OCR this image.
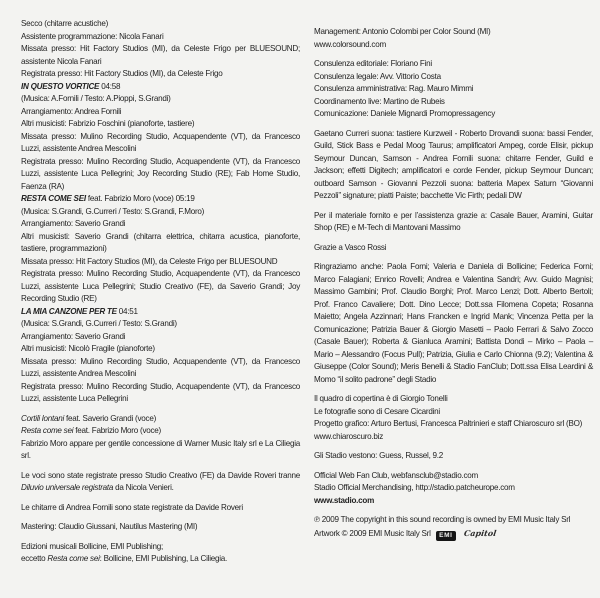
Secco (chitarre acustiche)
Assistente programmazione: Nicola Fanari
Missata presso: Hit Factory Studios (MI), da Celeste Frigo per BLUESOUND; assistente Nicola Fanari
Registrata presso: Hit Factory Studios (MI), da Celeste Frigo
IN QUESTO VORTICE 04:58
(Musica: A.Fornili / Testo: A.Pioppi, S.Grandi)
Arrangiamento: Andrea Fornili
Altri musicisti: Fabrizio Foschini (pianoforte, tastiere)
Missata presso: Mulino Recording Studio, Acquapendente (VT), da Francesco Luzzi, assistente Andrea Mescolini
Registrata presso: Mulino Recording Studio, Acquapendente (VT), da Francesco Luzzi, assistente Luca Pellegrini; Joy Recording Studio (RE); Fab Home Studio, Faenza (RA)
RESTA COME SEI feat. Fabrizio Moro (voce) 05:19
(Musica: S.Grandi, G.Curreri / Testo: S.Grandi, F.Moro)
Arrangiamento: Saverio Grandi
Altri musicisti: Saverio Grandi (chitarra elettrica, chitarra acustica, pianoforte, tastiere, programmazioni)
Missata presso: Hit Factory Studios (MI), da Celeste Frigo per BLUESOUND
Registrata presso: Mulino Recording Studio, Acquapendente (VT), da Francesco Luzzi, assistente Luca Pellegrini; Studio Creativo (FE), da Saverio Grandi; Joy Recording Studio (RE)
LA MIA CANZONE PER TE 04:51
(Musica: S.Grandi, G.Curreri / Testo: S.Grandi)
Arrangiamento: Saverio Grandi
Altri musicisti: Nicolò Fragile (pianoforte)
Missata presso: Mulino Recording Studio, Acquapendente (VT), da Francesco Luzzi, assistente Andrea Mescolini
Registrata presso: Mulino Recording Studio, Acquapendente (VT), da Francesco Luzzi, assistente Luca Pellegrini
Cortili lontani feat. Saverio Grandi (voce)
Resta come sei feat. Fabrizio Moro (voce)
Fabrizio Moro appare per gentile concessione di Warner Music Italy srl e La Ciliegia srl.
Le voci sono state registrate presso Studio Creativo (FE) da Davide Roveri tranne Diluvio universale registrata da Nicola Venieri.
Le chitarre di Andrea Fornili sono state registrate da Davide Roveri
Mastering: Claudio Giussani, Nautilus Mastering (MI)
Edizioni musicali Bollicine, EMI Publishing;
eccetto Resta come sei: Bollicine, EMI Publishing, La Ciliegia.
Management: Antonio Colombi per Color Sound (MI)
www.colorsound.com
Consulenza editoriale: Floriano Fini
Consulenza legale: Avv. Vittorio Costa
Consulenza amministrativa: Rag. Mauro Mimmi
Coordinamento live: Martino de Rubeis
Comunicazione: Daniele Mignardi Promopressagency
Gaetano Curreri suona: tastiere Kurzweil - Roberto Drovandi suona: bassi Fender, Guild, Stick Bass e Pedal Moog Taurus; amplificatori Ampeg, corde Elisir, pickup Seymour Duncan, Samson - Andrea Fornili suona: chitarre Fender, Guild e Jackson; effetti Digitech; amplificatori e corde Fender, pickup Seymour Duncan; outboard Samson - Giovanni Pezzoli suona: batteria Mapex Saturn “Giovanni Pezzoli” signature; piatti Paiste; bacchette Vic Firth; pedali DW
Per il materiale fornito e per l’assistenza grazie a: Casale Bauer, Aramini, Guitar Shop (RE) e M-Tech di Mantovani Massimo
Grazie a Vasco Rossi
Ringraziamo anche: Paola Forni; Valeria e Daniela di Bollicine; Federica Forni; Marco Falagiani; Enrico Rovelli; Andrea e Valentina Sandri; Avv. Guido Magnisi; Massimo Gambini; Prof. Claudio Borghi; Prof. Marco Lenzi; Dott. Alberto Bertoli; Prof. Franco Cavaliere; Dott. Dino Lecce; Dott.ssa Filomena Copeta; Rosanna Maietto; Angela Azzinnari; Hans Francken e Ingrid Mank; Vincenza Petta per la Comunicazione; Patrizia Bauer & Giorgio Masetti – Paolo Ferrari & Salvo Zocco (Casale Bauer); Roberta & Gianluca Aramini; Battista Dondi – Mirko – Paola – Mario – Alessandro (Focus Pull); Patrizia, Giulia e Carlo Chionna (9.2); Valentina & Giuseppe (Color Sound); Meris Benelli & Stadio FanClub; Dott.ssa Elisa Leardini & Momo “il solito padrone” degli Stadio
Il quadro di copertina è di Giorgio Tonelli
Le fotografie sono di Cesare Cicardini
Progetto grafico: Arturo Bertusi, Francesca Paltrinieri e staff Chiaroscuro srl (BO)
www.chiaroscuro.biz
Gli Stadio vestono: Guess, Russel, 9.2
Official Web Fan Club, webfansclub@stadio.com
Stadio Official Merchandising, http://stadio.patcheurope.com
www.stadio.com
℗ 2009 The copyright in this sound recording is owned by EMI Music Italy Srl
Artwork © 2009 EMI Music Italy Srl EMI Capitol
